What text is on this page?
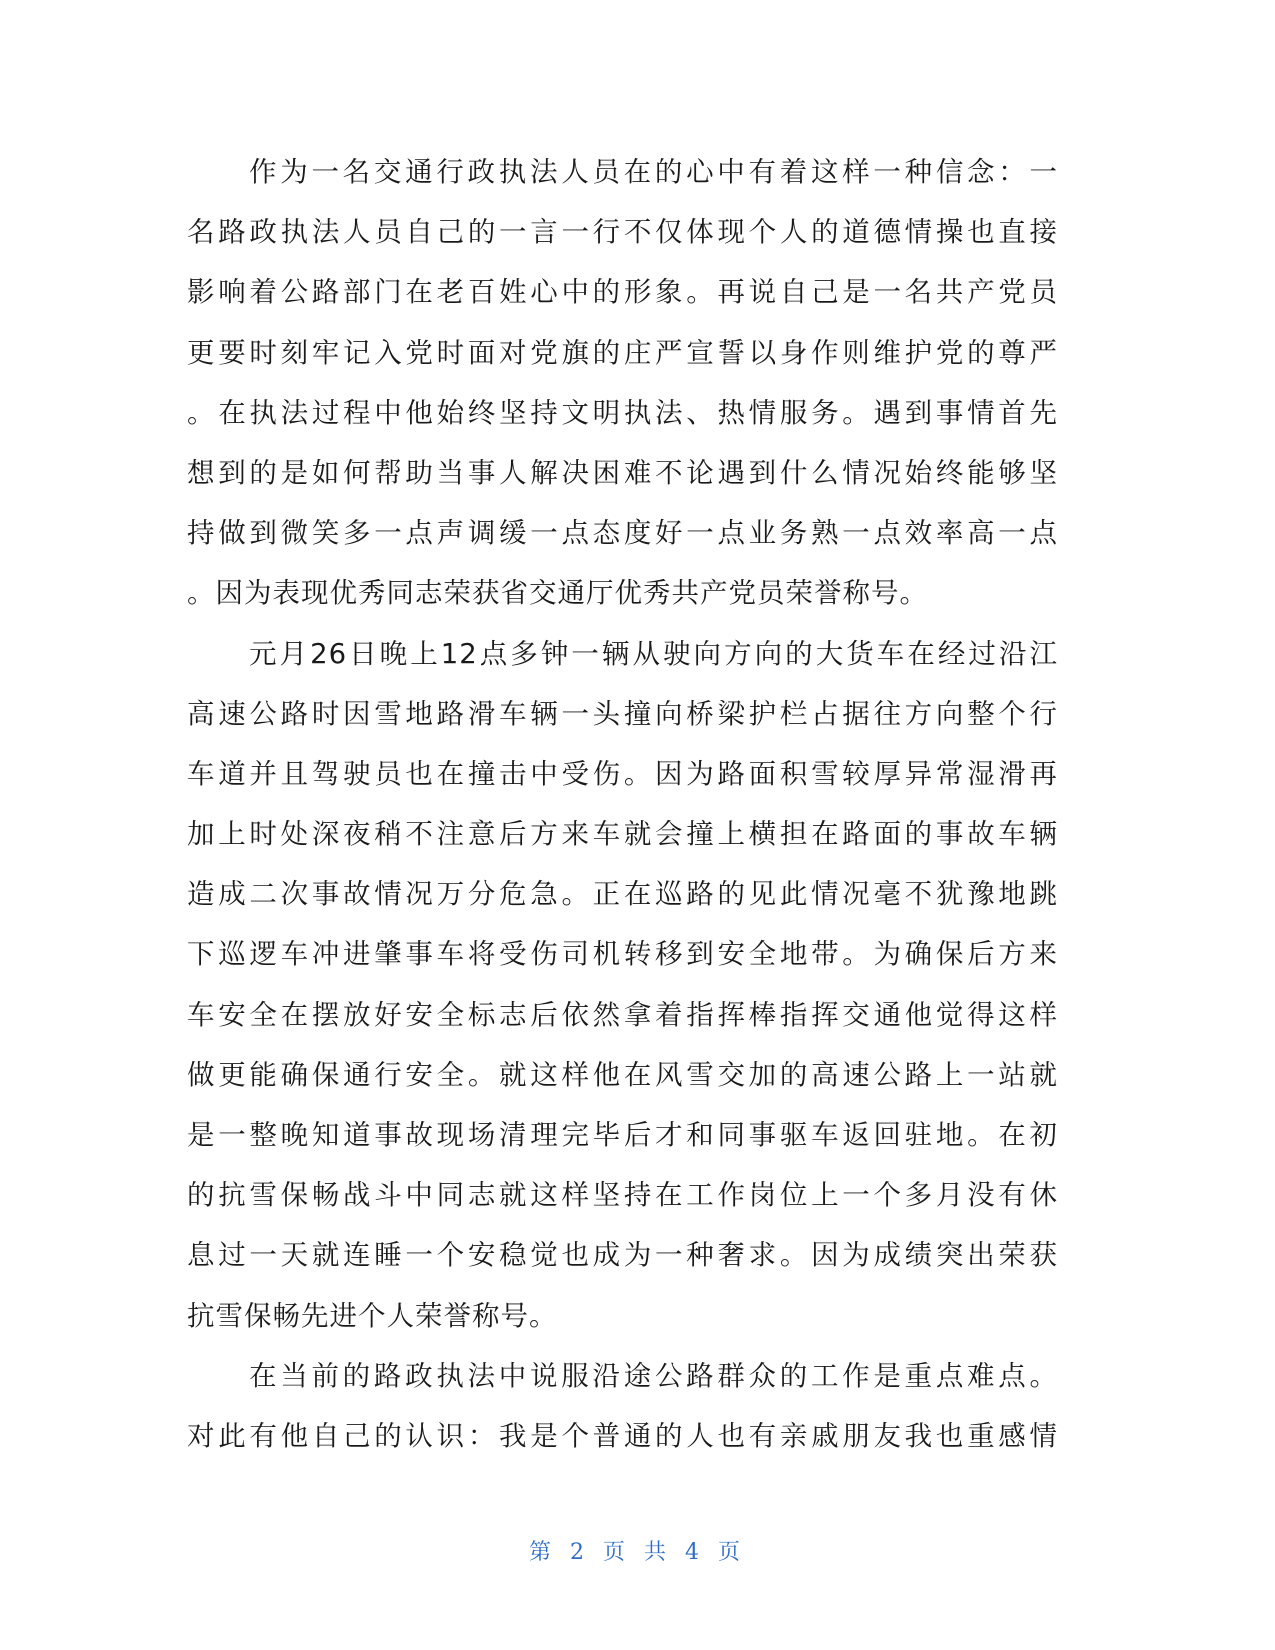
作为一名交通行政执法人员在的心中有着这样一种信念：一
名路政执法人员自己的一言一行不仅体现个人的道德情操也直接
影响着公路部门在老百姓心中的形象。再说自己是一名共产党员
更要时刻牢记入党时面对党旗的庄严宣誓以身作则维护党的尊严
。在执法过程中他始终坚持文明执法、热情服务。遇到事情首先
想到的是如何帮助当事人解决困难不论遇到什么情况始终能够坚
持做到微笑多一点声调缓一点态度好一点业务熟一点效率高一点
。因为表现优秀同志荣获省交通厅优秀共产党员荣誉称号。
元月26日晚上12点多钟一辆从驶向方向的大货车在经过沿江
高速公路时因雪地路滑车辆一头撞向桥梁护栏占据往方向整个行
车道并且驾驶员也在撞击中受伤。因为路面积雪较厚异常湿滑再
加上时处深夜稍不注意后方来车就会撞上横担在路面的事故车辆
造成二次事故情况万分危急。正在巡路的见此情况毫不犹豫地跳
下巡逻车冲进肇事车将受伤司机转移到安全地带。为确保后方来
车安全在摆放好安全标志后依然拿着指挥棒指挥交通他觉得这样
做更能确保通行安全。就这样他在风雪交加的高速公路上一站就
是一整晚知道事故现场清理完毕后才和同事驱车返回驻地。在初
的抗雪保畅战斗中同志就这样坚持在工作岗位上一个多月没有休
息过一天就连睡一个安稳觉也成为一种奢求。因为成绩突出荣获
抗雪保畅先进个人荣誉称号。
在当前的路政执法中说服沿途公路群众的工作是重点难点。
对此有他自己的认识：我是个普通的人也有亲戚朋友我也重感情
第 2 页 共 4 页
